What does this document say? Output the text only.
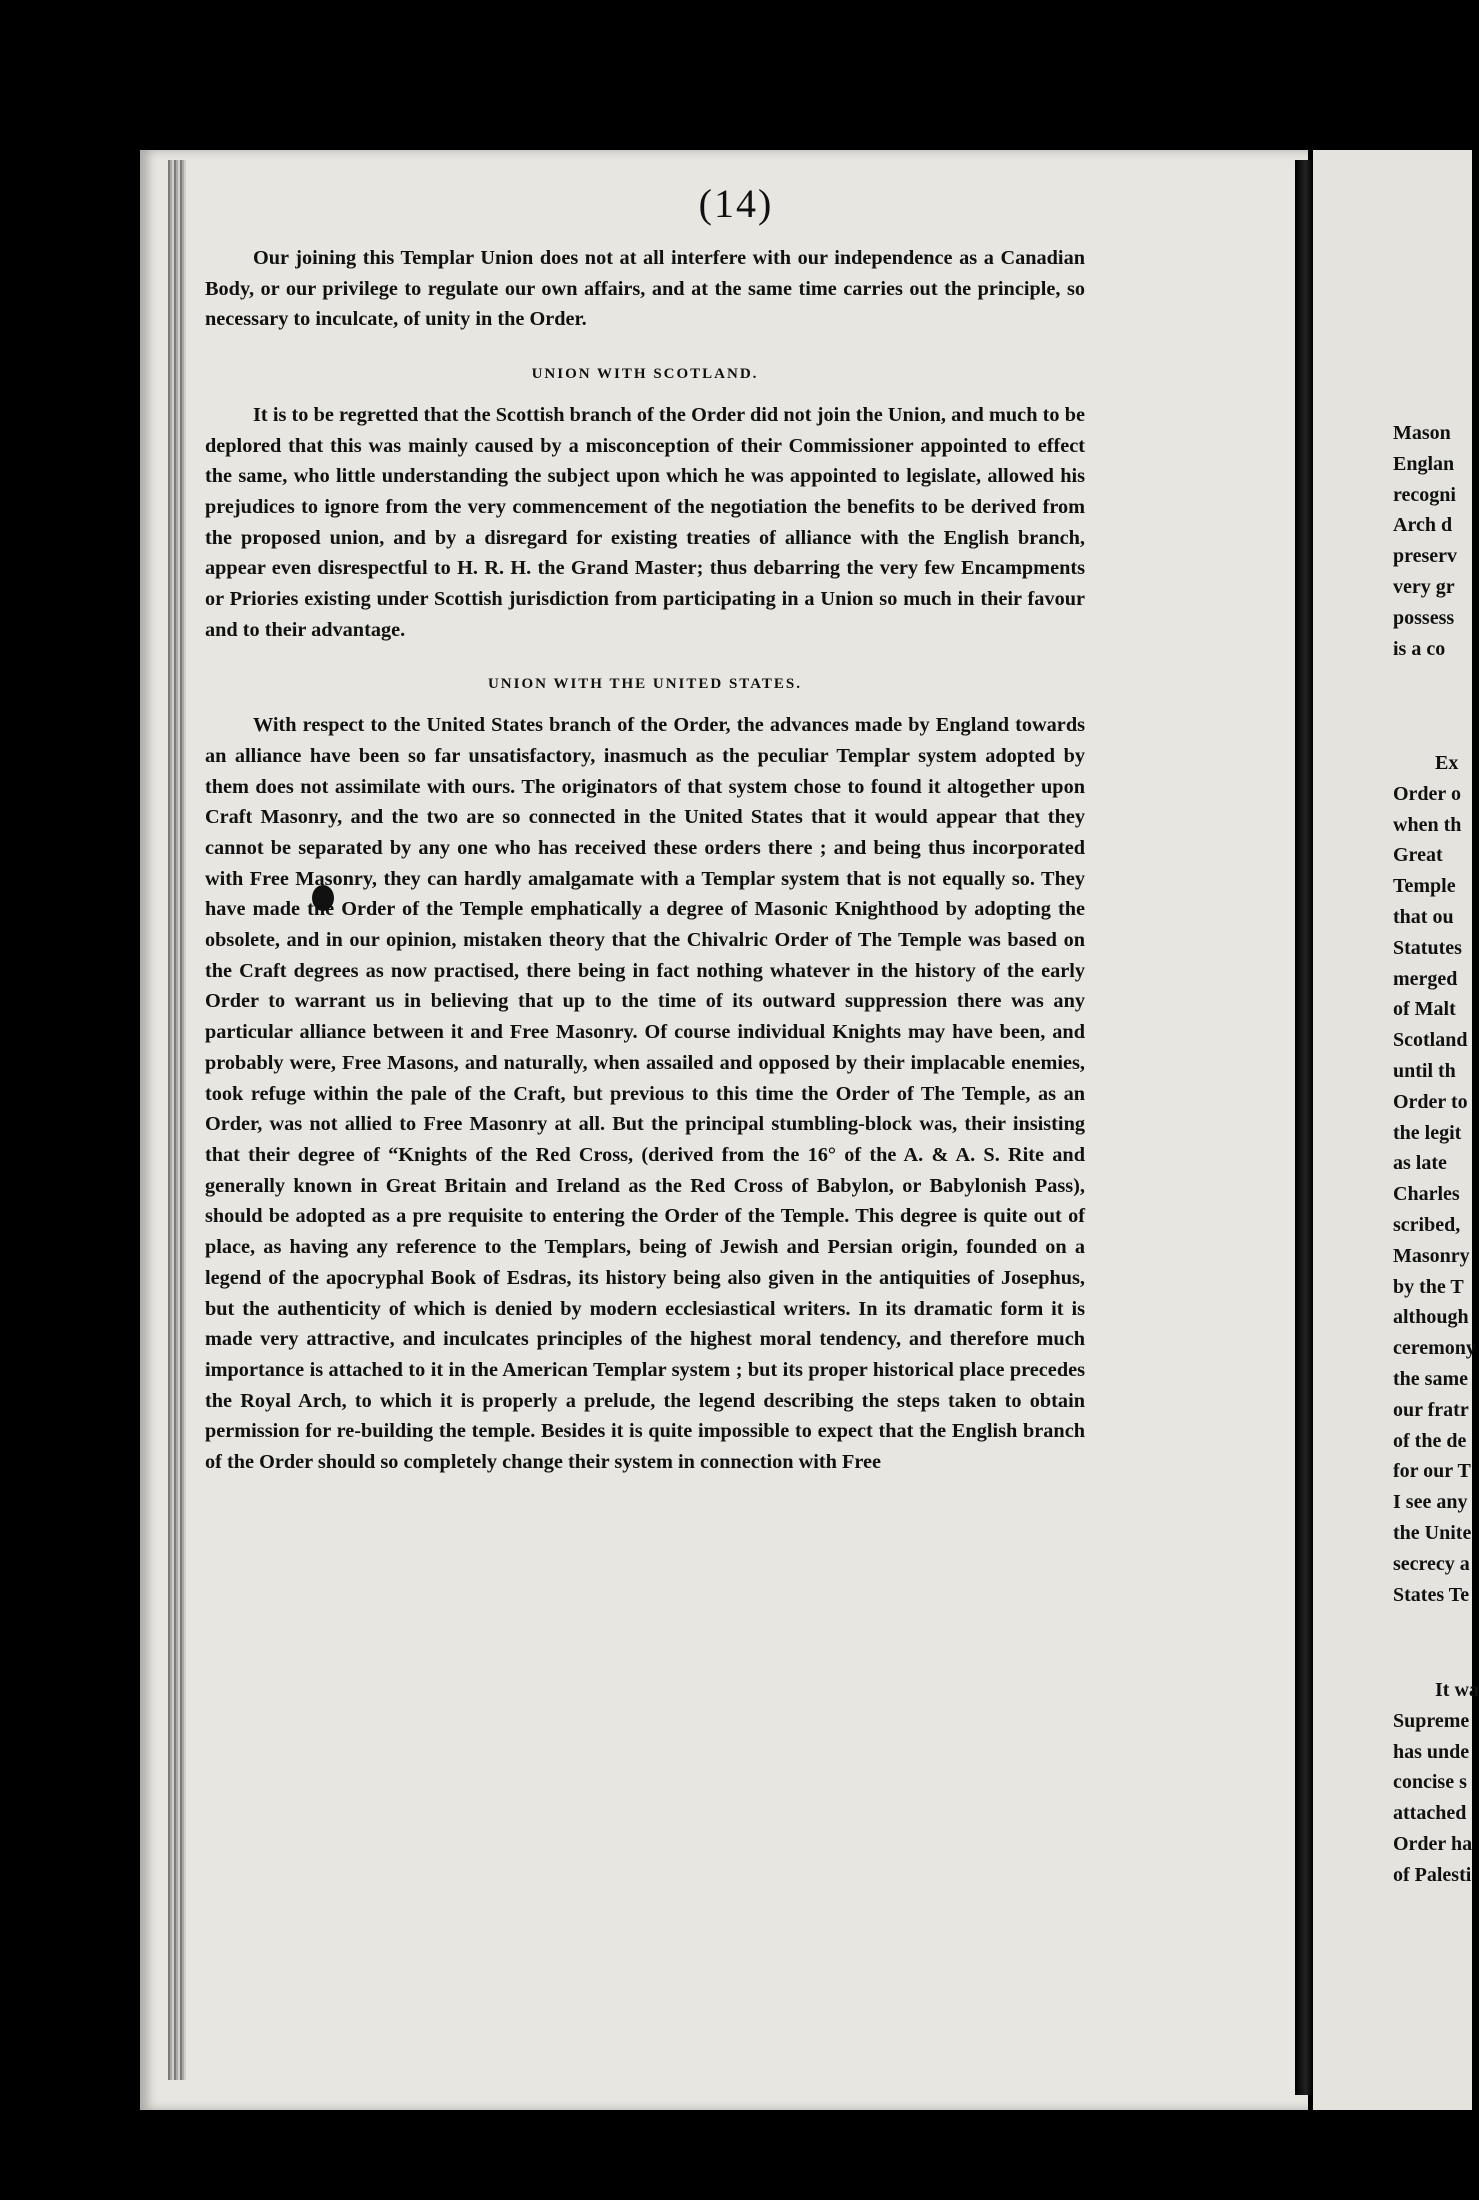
(14)

Our joining this Templar Union does not at all interfere with our independence as a Canadian Body, or our privilege to regulate our own affairs, and at the same time carries out the principle, so necessary to inculcate, of unity in the Order.

UNION WITH SCOTLAND.

It is to be regretted that the Scottish branch of the Order did not join the Union, and much to be deplored that this was mainly caused by a misconception of their Commissioner appointed to effect the same, who little understanding the subject upon which he was appointed to legislate, allowed his prejudices to ignore from the very commencement of the negotiation the benefits to be derived from the proposed union, and by a disregard for existing treaties of alliance with the English branch, appear even disrespectful to H. R. H. the Grand Master; thus debarring the very few Encampments or Priories existing under Scottish jurisdiction from participating in a Union so much in their favour and to their advantage.

UNION WITH THE UNITED STATES.

With respect to the United States branch of the Order, the advances made by England towards an alliance have been so far unsatisfactory, inasmuch as the peculiar Templar system adopted by them does not assimilate with ours. The originators of that system chose to found it altogether upon Craft Masonry, and the two are so connected in the United States that it would appear that they cannot be separated by any one who has received these orders there ; and being thus incorporated with Free Masonry, they can hardly amalgamate with a Templar system that is not equally so. They have made the Order of the Temple emphatically a degree of Masonic Knighthood by adopting the obsolete, and in our opinion, mistaken theory that the Chivalric Order of The Temple was based on the Craft degrees as now practised, there being in fact nothing whatever in the history of the early Order to warrant us in believing that up to the time of its outward suppression there was any particular alliance between it and Free Masonry. Of course individual Knights may have been, and probably were, Free Masons, and naturally, when assailed and opposed by their implacable enemies, took refuge within the pale of the Craft, but previous to this time the Order of The Temple, as an Order, was not allied to Free Masonry at all. But the principal stumbling-block was, their insisting that their degree of “Knights of the Red Cross, (derived from the 16° of the A. & A. S. Rite and generally known in Great Britain and Ireland as the Red Cross of Babylon, or Babylonish Pass), should be adopted as a pre requisite to entering the Order of the Temple. This degree is quite out of place, as having any reference to the Templars, being of Jewish and Persian origin, founded on a legend of the apocryphal Book of Esdras, its history being also given in the antiquities of Josephus, but the authenticity of which is denied by modern ecclesiastical writers. In its dramatic form it is made very attractive, and inculcates principles of the highest moral tendency, and therefore much importance is attached to it in the American Templar system ; but its proper historical place precedes the Royal Arch, to which it is properly a prelude, the legend describing the steps taken to obtain permission for re-building the temple. Besides it is quite impossible to expect that the English branch of the Order should so completely change their system in connection with Free

Mason
Englan
recogni
Arch d
preserv
very gr
possess
is a co
Ex
Order o
when th
Great
Temple
that ou
Statutes
merged
of Malt
Scotland
until th
Order to
the legit
as late
Charles
scribed,
Masonry
by the T
although
ceremony
the same
our fratr
of the de
for our T
I see any
the Unite
secrecy a
States Te
It wa
Supreme
has unde
concise s
attached
Order ha
of Palesti
